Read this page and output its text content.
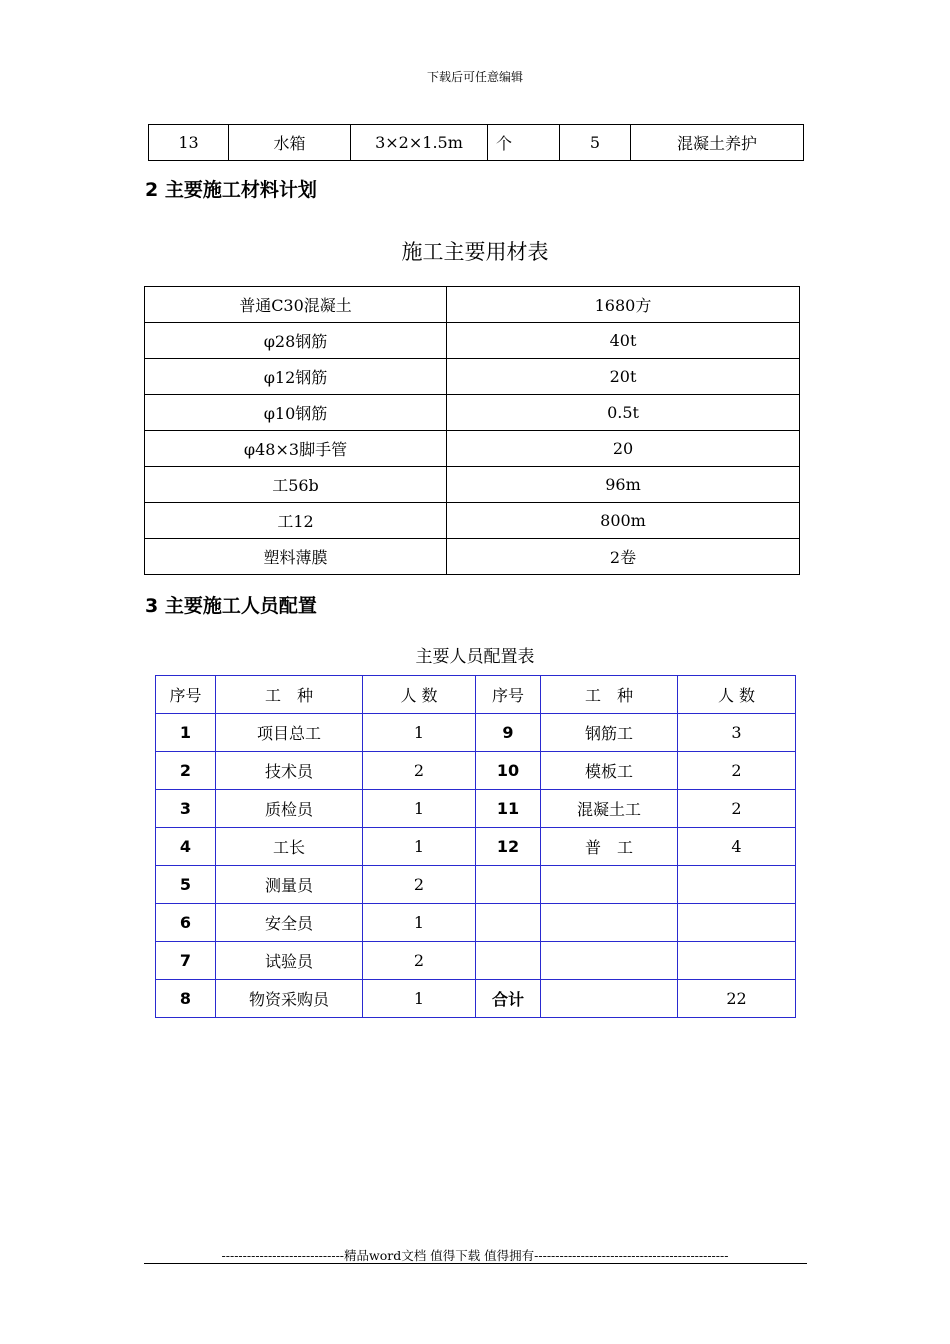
下载后可任意编辑
13	水箱	3×2×1.5m	个	5	混凝土养护
2 主要施工材料计划
施工主要用材表
普通C30混凝土	1680方
φ28钢筋	40t
φ12钢筋	20t
φ10钢筋	0.5t
φ48×3脚手管	20
工56b	96m
工12	800m
塑料薄膜	2卷
3 主要施工人员配置
主要人员配置表
序号	工　种	人 数	序号	工　种	人 数
1	项目总工	1	9	钢筋工	3
2	技术员	2	10	模板工	2
3	质检员	1	11	混凝土工	2
4	工长	1	12	普　工	4
5	测量员	2			
6	安全员	1			
7	试验员	2			
8	物资采购员	1	合计		22
-----------------------------精品word文档 值得下载 值得拥有----------------------------------------------
